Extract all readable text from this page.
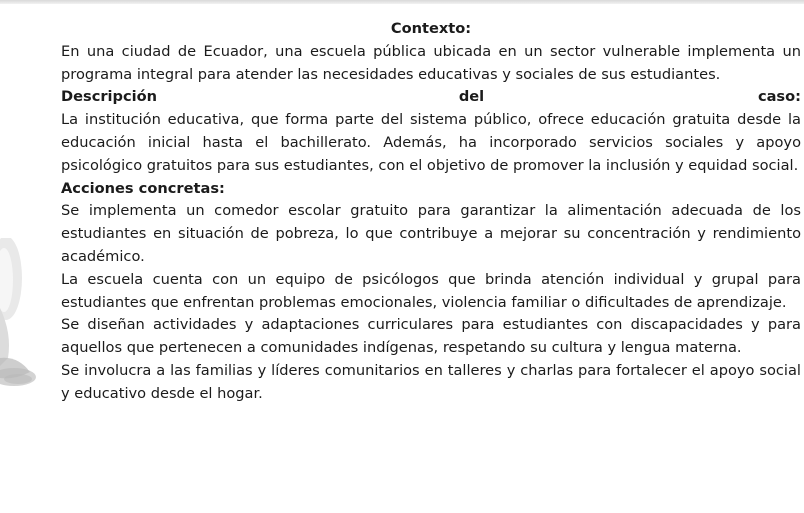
Contexto:

En una ciudad de Ecuador, una escuela pública ubicada en un sector vulnerable implementa un programa integral para atender las necesidades educativas y sociales de sus estudiantes.

Descripción	del	caso:

La institución educativa, que forma parte del sistema público, ofrece educación gratuita desde la educación inicial hasta el bachillerato. Además, ha incorporado servicios sociales y apoyo psicológico gratuitos para sus estudiantes, con el objetivo de promover la inclusión y equidad social.

Acciones concretas:

Se implementa un comedor escolar gratuito para garantizar la alimentación adecuada de los estudiantes en situación de pobreza, lo que contribuye a mejorar su concentración y rendimiento académico.

La escuela cuenta con un equipo de psicólogos que brinda atención individual y grupal para estudiantes que enfrentan problemas emocionales, violencia familiar o dificultades de aprendizaje.

Se diseñan actividades y adaptaciones curriculares para estudiantes con discapacidades y para aquellos que pertenecen a comunidades indígenas, respetando su cultura y lengua materna.

Se involucra a las familias y líderes comunitarios en talleres y charlas para fortalecer el apoyo social y educativo desde el hogar.
